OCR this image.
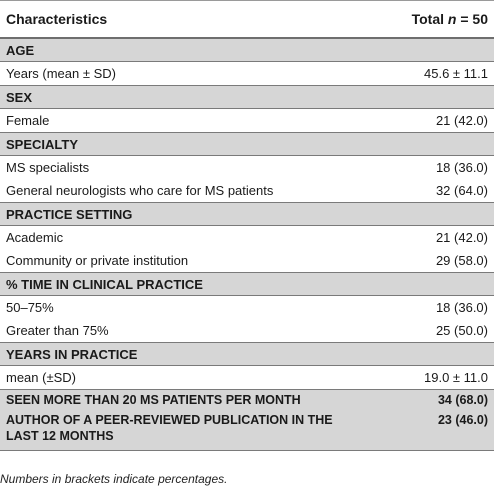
Characteristics	Total n = 50
AGE	
Years (mean ± SD)	45.6 ± 11.1
SEX	
Female	21 (42.0)
SPECIALTY	
MS specialists	18 (36.0)
General neurologists who care for MS patients	32 (64.0)
PRACTICE SETTING	
Academic	21 (42.0)
Community or private institution	29 (58.0)
% TIME IN CLINICAL PRACTICE	
50–75%	18 (36.0)
Greater than 75%	25 (50.0)
YEARS IN PRACTICE	
mean (±SD)	19.0 ± 11.0
SEEN MORE THAN 20 MS PATIENTS PER MONTH	34 (68.0)
AUTHOR OF A PEER-REVIEWED PUBLICATION IN THE LAST 12 MONTHS	23 (46.0)
Numbers in brackets indicate percentages.
